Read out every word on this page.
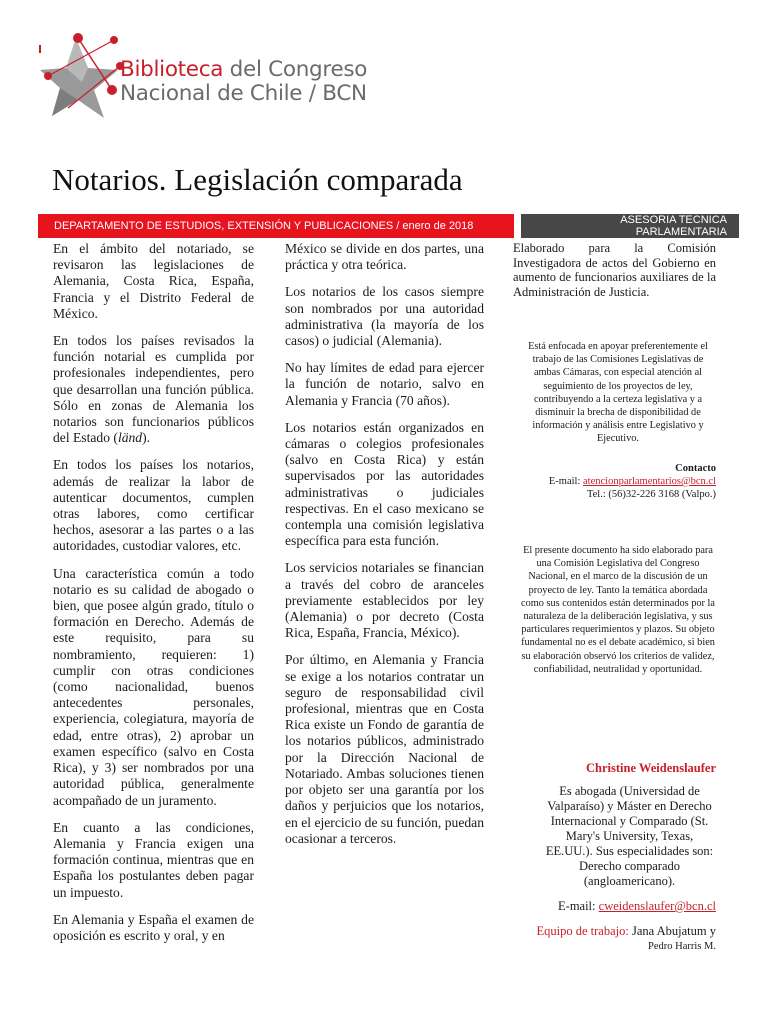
Biblioteca del Congreso
Nacional de Chile / BCN
Notarios. Legislación comparada
DEPARTAMENTO DE ESTUDIOS, EXTENSIÓN Y PUBLICACIONES / enero de 2018	ASESORIA TECNICA
PARLAMENTARIA

En el ámbito del notariado, se revisaron las legislaciones de Alemania, Costa Rica, España, Francia y el Distrito Federal de México.

En todos los países revisados la función notarial es cumplida por profesionales independientes, pero que desarrollan una función pública. Sólo en zonas de Alemania los notarios son funcionarios públicos del Estado (länd).

En todos los países los notarios, además de realizar la labor de autenticar documentos, cumplen otras labores, como certificar hechos, asesorar a las partes o a las autoridades, custodiar valores, etc.

Una característica común a todo notario es su calidad de abogado o bien, que posee algún grado, título o formación en Derecho. Además de este requisito, para su nombramiento, requieren: 1) cumplir con otras condiciones (como nacionalidad, buenos antecedentes personales, experiencia, colegiatura, mayoría de edad, entre otras), 2) aprobar un examen específico (salvo en Costa Rica), y 3) ser nombrados por una autoridad pública, generalmente acompañado de un juramento.

En cuanto a las condiciones, Alemania y Francia exigen una formación continua, mientras que en España los postulantes deben pagar un impuesto.

En Alemania y España el examen de oposición es escrito y oral, y en

México se divide en dos partes, una práctica y otra teórica.

Los notarios de los casos siempre son nombrados por una autoridad administrativa (la mayoría de los casos) o judicial (Alemania).

No hay límites de edad para ejercer la función de notario, salvo en Alemania y Francia (70 años).

Los notarios están organizados en cámaras o colegios profesionales (salvo en Costa Rica) y están supervisados por las autoridades administrativas o judiciales respectivas. En el caso mexicano se contempla una comisión legislativa específica para esta función.

Los servicios notariales se financian a través del cobro de aranceles previamente establecidos por ley (Alemania) o por decreto (Costa Rica, España, Francia, México).

Por último, en Alemania y Francia se exige a los notarios contratar un seguro de responsabilidad civil profesional, mientras que en Costa Rica existe un Fondo de garantía de los notarios públicos, administrado por la Dirección Nacional de Notariado. Ambas soluciones tienen por objeto ser una garantía por los daños y perjuicios que los notarios, en el ejercicio de su función, puedan ocasionar a terceros.

Elaborado para la Comisión Investigadora de actos del Gobierno en aumento de funcionarios auxiliares de la Administración de Justicia.
Está enfocada en apoyar preferentemente el trabajo de las Comisiones Legislativas de ambas Cámaras, con especial atención al seguimiento de los proyectos de ley, contribuyendo a la certeza legislativa y a disminuir la brecha de disponibilidad de información y análisis entre Legislativo y Ejecutivo.
Contacto
E-mail: atencionparlamentarios@bcn.cl
Tel.: (56)32-226 3168 (Valpo.)
El presente documento ha sido elaborado para una Comisión Legislativa del Congreso Nacional, en el marco de la discusión de un proyecto de ley. Tanto la temática abordada como sus contenidos están determinados por la naturaleza de la deliberación legislativa, y sus particulares requerimientos y plazos. Su objeto fundamental no es el debate académico, si bien su elaboración observó los criterios de validez, confiabilidad, neutralidad y oportunidad.
Christine Weidenslaufer
Es abogada (Universidad de Valparaíso) y Máster en Derecho Internacional y Comparado (St. Mary's University, Texas, EE.UU.). Sus especialidades son: Derecho comparado (angloamericano).
E-mail: cweidenslaufer@bcn.cl
Equipo de trabajo: Jana Abujatum y
Pedro Harris M.
